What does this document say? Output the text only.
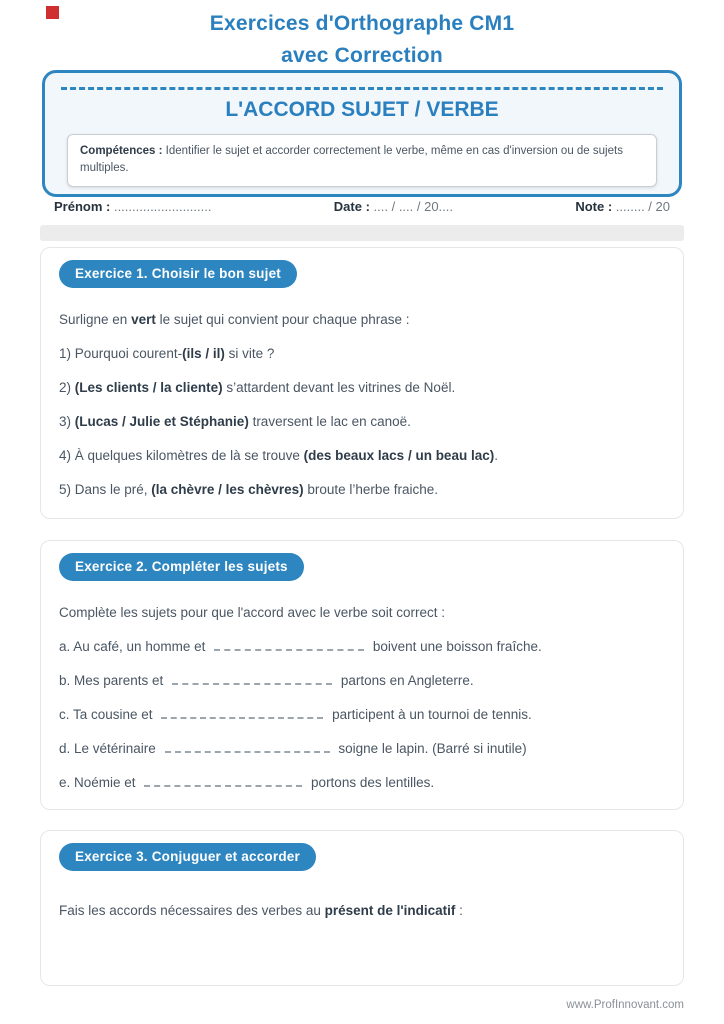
Exercices d'Orthographe CM1
avec Correction
L'ACCORD SUJET / VERBE
Compétences : Identifier le sujet et accorder correctement le verbe, même en cas d'inversion ou de sujets multiples.
Prénom : ...........................	Date : .... / .... / 20....	Note : ........ / 20
Exercice 1. Choisir le bon sujet

Surligne en vert le sujet qui convient pour chaque phrase :

1) Pourquoi courent-(ils / il) si vite ?

2) (Les clients / la cliente) s’attardent devant les vitrines de Noël.

3) (Lucas / Julie et Stéphanie) traversent le lac en canoë.

4) À quelques kilomètres de là se trouve (des beaux lacs / un beau lac).

5) Dans le pré, (la chèvre / les chèvres) broute l’herbe fraiche.

Exercice 2. Compléter les sujets

Complète les sujets pour que l'accord avec le verbe soit correct :

a. Au café, un homme et	boivent une boisson fraîche.

b. Mes parents et	partons en Angleterre.

c. Ta cousine et	participent à un tournoi de tennis.

d. Le vétérinaire	soigne le lapin. (Barré si inutile)

e. Noémie et	portons des lentilles.

Exercice 3. Conjuguer et accorder

Fais les accords nécessaires des verbes au présent de l'indicatif :

www.ProfInnovant.com
